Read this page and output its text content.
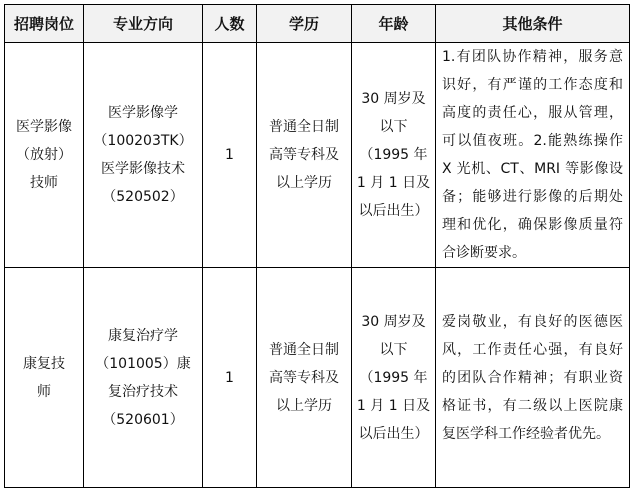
招聘岗位	专业方向	人数	学历	年龄	其他条件

医学影像（放射）技师	医学影像学（100203TK）医学影像技术（520502）	1	普通全日制高等专科及以上学历	30 周岁及以下（1995 年 1 月 1 日及以后出生）	1.有团队协作精神，服务意识好，有严谨的工作态度和高度的责任心，服从管理，可以值夜班。2.能熟练操作 X 光机、CT、MRI 等影像设备；能够进行影像的后期处理和优化，确保影像质量符合诊断要求。

康复技师	康复治疗学（101005）康复治疗技术（520601）	1	普通全日制高等专科及以上学历	30 周岁及以下（1995 年 1 月 1 日及以后出生）	爱岗敬业，有良好的医德医风，工作责任心强，有良好的团队合作精神；有职业资格证书，有二级以上医院康复医学科工作经验者优先。
